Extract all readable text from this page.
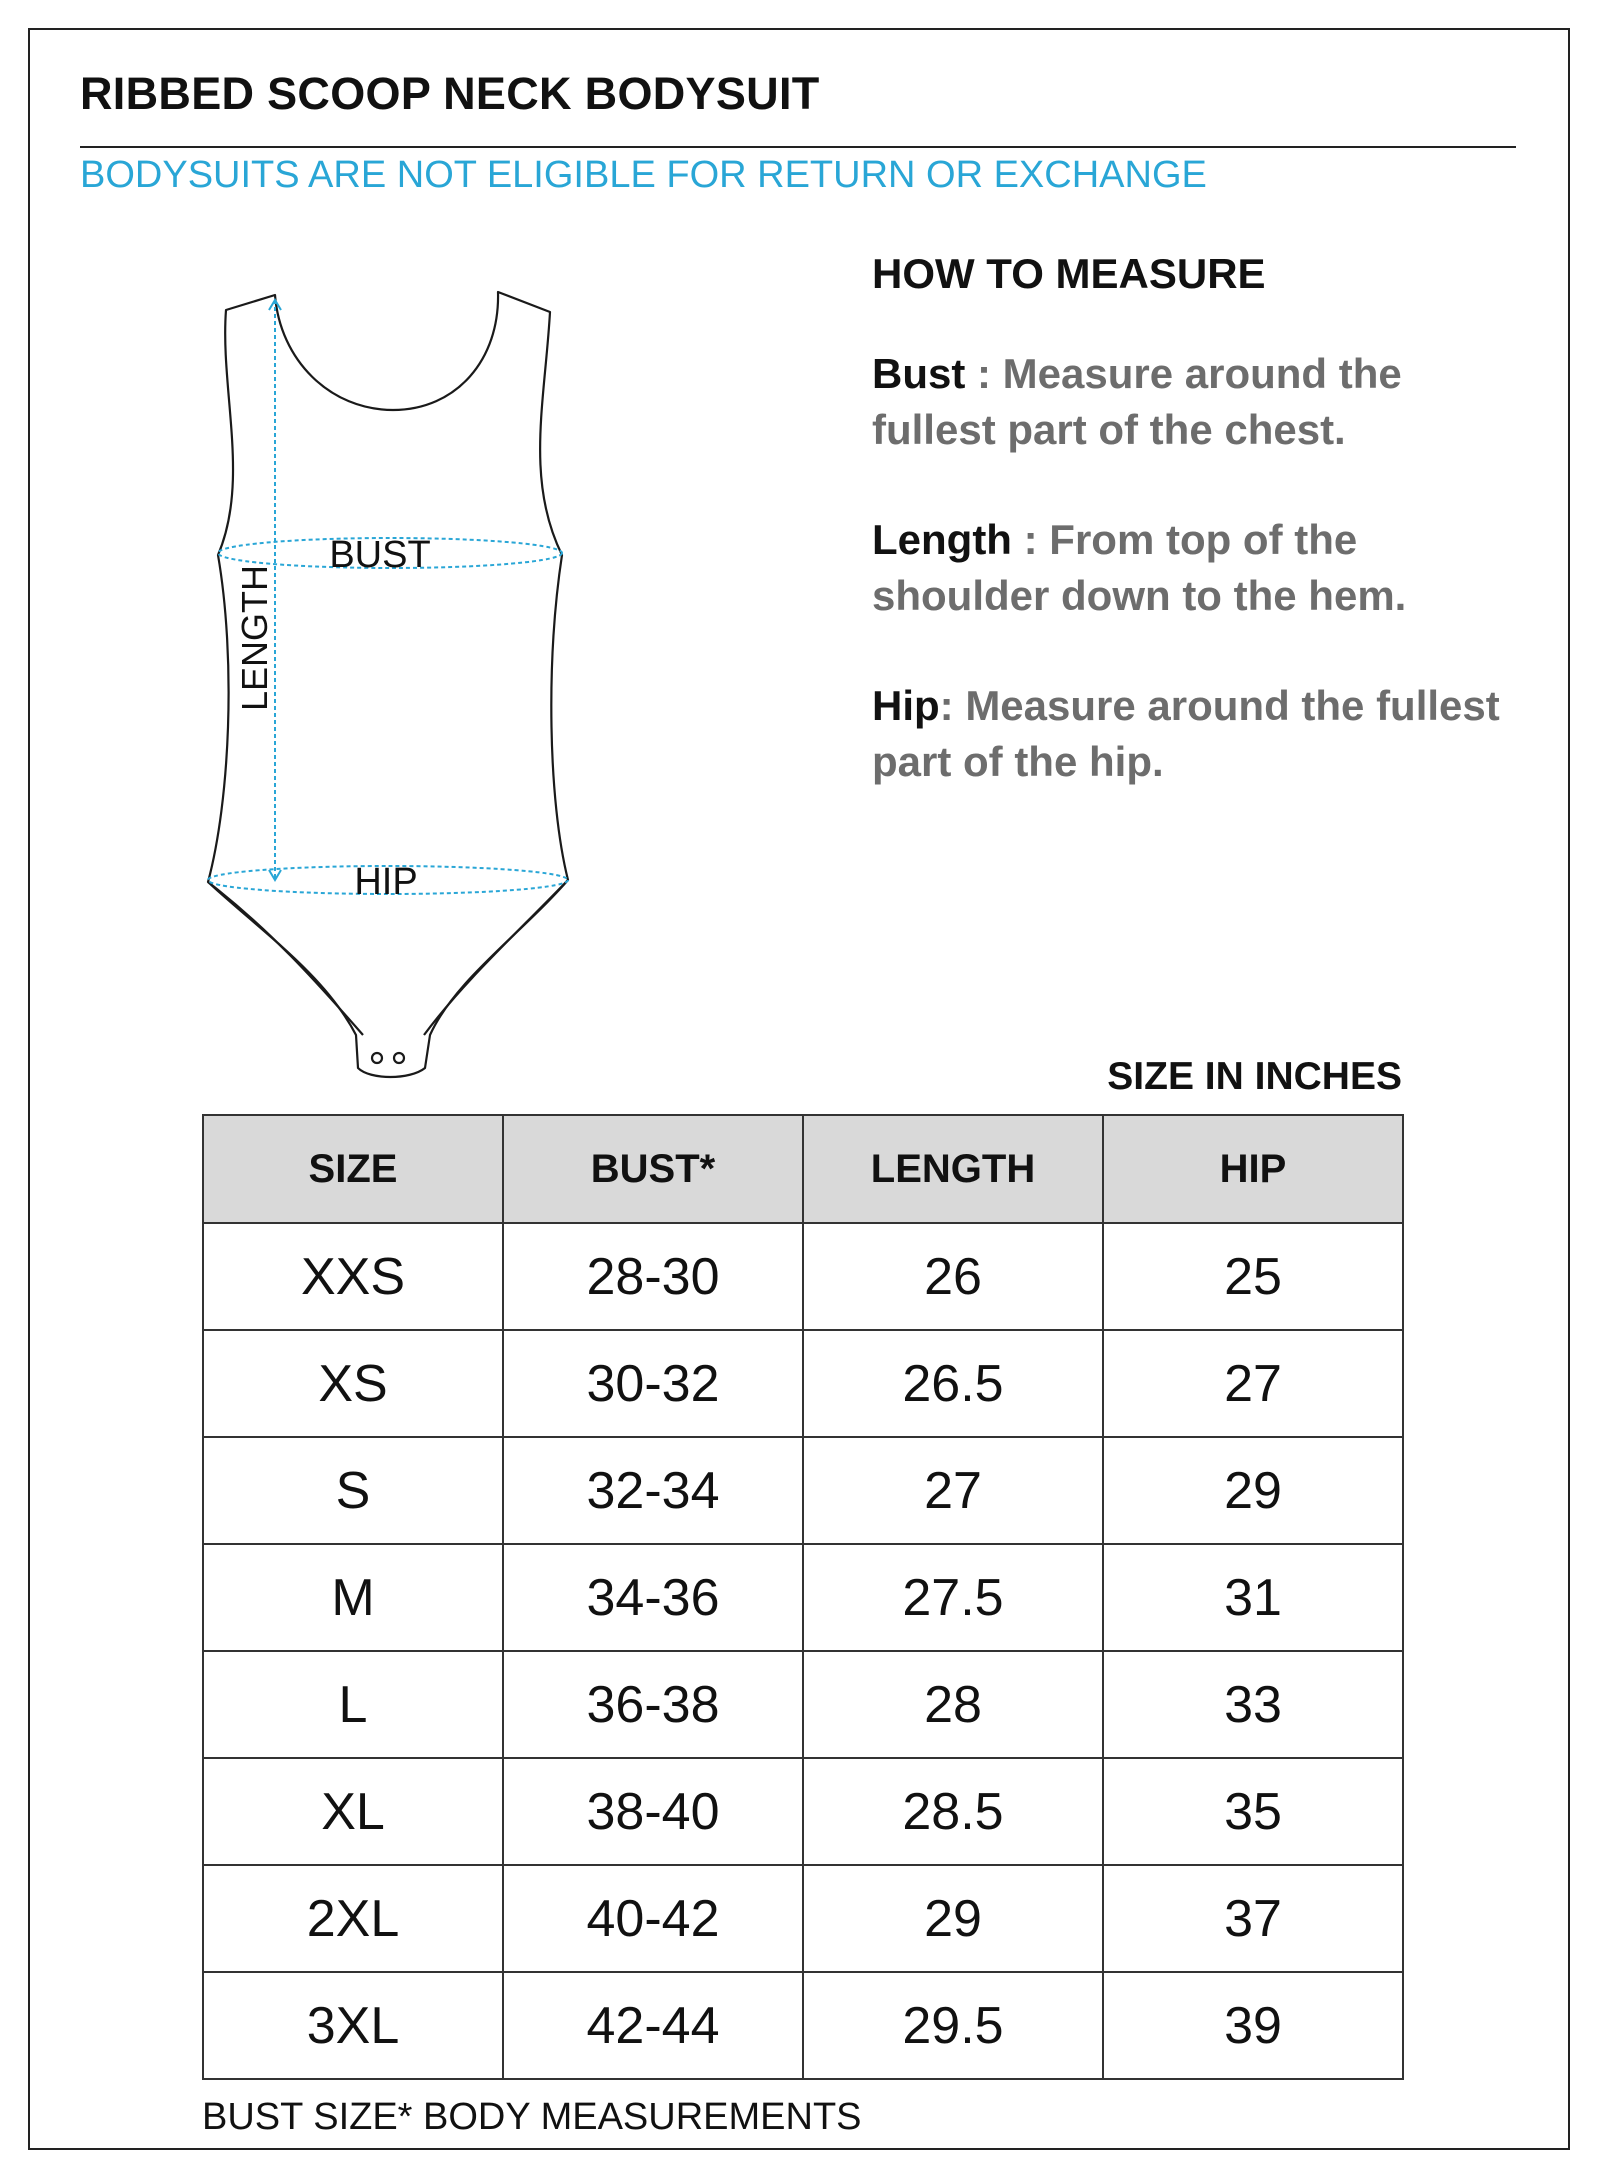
RIBBED SCOOP NECK BODYSUIT
BODYSUITS ARE NOT ELIGIBLE FOR RETURN OR EXCHANGE
BUST
HIP
LENGTH
HOW TO MEASURE
Bust : Measure around the fullest part of the chest.
Length : From top of the shoulder down to the hem.
Hip: Measure around the fullest part of the hip.
SIZE IN INCHES
SIZE	BUST*	LENGTH	HIP
XXS	28-30	26	25
XS	30-32	26.5	27
S	32-34	27	29
M	34-36	27.5	31
L	36-38	28	33
XL	38-40	28.5	35
2XL	40-42	29	37
3XL	42-44	29.5	39
BUST SIZE* BODY MEASUREMENTS
